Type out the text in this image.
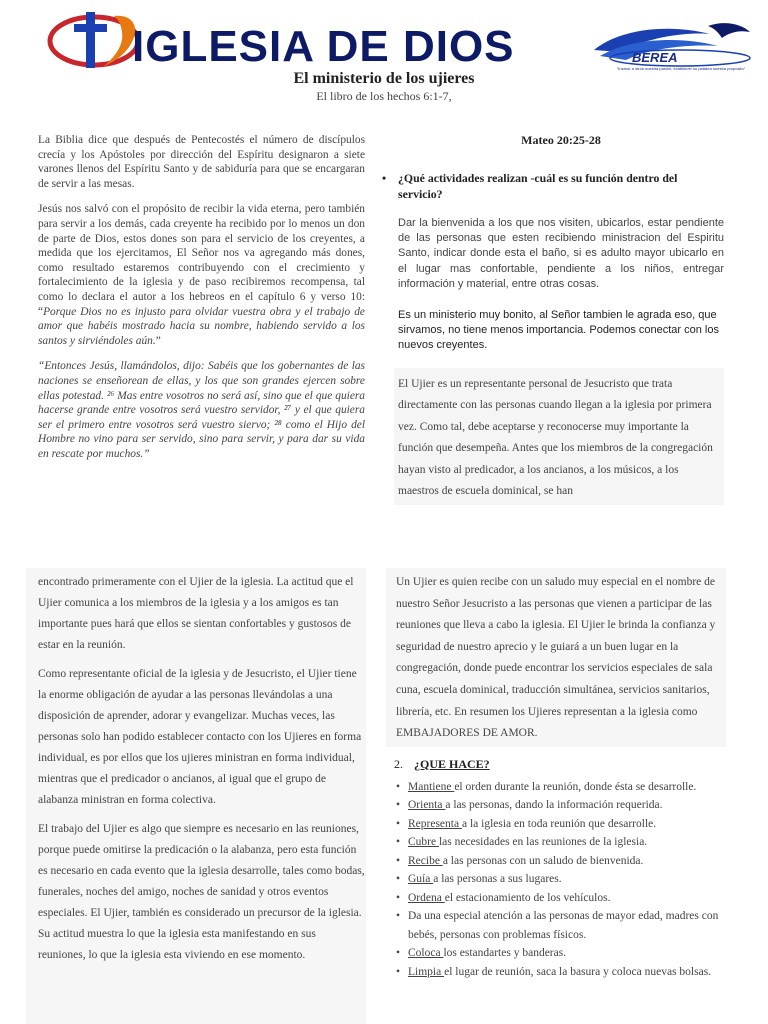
IGLESIA DE DIOS	BEREA
"Instruir a otros nuestra pasión, extablecer su palabra nuestra proposito"
El ministerio de los ujieres
El libro de los hechos 6:1-7,

La Biblia dice que después de Pentecostés el número de discípulos crecía y los Apóstoles por dirección del Espíritu designaron a siete varones llenos del Espíritu Santo y de sabiduría para que se encargaran de servir a las mesas.

Jesús nos salvó con el propósito de recibir la vida eterna, pero también para servir a los demás, cada creyente ha recibido por lo menos un don de parte de Dios, estos dones son para el servicio de los creyentes, a medida que los ejercitamos, El Señor nos va agregando más dones, como resultado estaremos contribuyendo con el crecimiento y fortalecimiento de la iglesia y de paso recibiremos recompensa, tal como lo declara el autor a los hebreos en el capítulo 6 y verso 10: “Porque Dios no es injusto para olvidar vuestra obra y el trabajo de amor que habéis mostrado hacia su nombre, habiendo servido a los santos y sirviéndoles aún.”

“Entonces Jesús, llamándolos, dijo: Sabéis que los gobernantes de las naciones se enseñorean de ellas, y los que son grandes ejercen sobre ellas potestad. ²⁶ Mas entre vosotros no será así, sino que el que quiera hacerse grande entre vosotros será vuestro servidor, ²⁷ y el que quiera ser el primero entre vosotros será vuestro siervo; ²⁸ como el Hijo del Hombre no vino para ser servido, sino para servir, y para dar su vida en rescate por muchos.”

Mateo 20:25-28
• ¿Qué actividades realizan -cuál es su función dentro del servicio?
Dar la bienvenida a los que nos visiten, ubicarlos, estar pendiente de las personas que esten recibiendo ministracion del Espiritu Santo, indicar donde esta el baño, si es adulto mayor ubicarlo en el lugar mas confortable, pendiente a los niños, entregar información y material, entre otras cosas.
Es un ministerio muy bonito, al Señor tambien le agrada eso, que sirvamos, no tiene menos importancia. Podemos conectar con los nuevos creyentes.
El Ujier es un representante personal de Jesucristo que trata directamente con las personas cuando llegan a la iglesia por primera vez. Como tal, debe aceptarse y reconocerse muy importante la función que desempeña. Antes que los miembros de la congregación hayan visto al predicador, a los ancianos, a los músicos, a los maestros de escuela dominical, se han

encontrado primeramente con el Ujier de la iglesia. La actitud que el Ujier comunica a los miembros de la iglesia y a los amigos es tan importante pues hará que ellos se sientan confortables y gustosos de estar en la reunión.

Como representante oficial de la iglesia y de Jesucristo, el Ujier tiene la enorme obligación de ayudar a las personas llevándolas a una disposición de aprender, adorar y evangelizar. Muchas veces, las personas solo han podido establecer contacto con los Ujieres en forma individual, es por ellos que los ujieres ministran en forma individual, mientras que el predicador o ancianos, al igual que el grupo de alabanza ministran en forma colectiva.

El trabajo del Ujier es algo que siempre es necesario en las reuniones, porque puede omitirse la predicación o la alabanza, pero esta función es necesario en cada evento que la iglesia desarrolle, tales como bodas, funerales, noches del amigo, noches de sanidad y otros eventos especiales. El Ujier, también es considerado un precursor de la iglesia. Su actitud muestra lo que la iglesia esta manifestando en sus reuniones, lo que la iglesia esta viviendo en ese momento.

Un Ujier es quien recibe con un saludo muy especial en el nombre de nuestro Señor Jesucristo a las personas que vienen a participar de las reuniones que lleva a cabo la iglesia. El Ujier le brinda la confianza y seguridad de nuestro aprecio y le guiará a un buen lugar en la congregación, donde puede encontrar los servicios especiales de sala cuna, escuela dominical, traducción simultánea, servicios sanitarios, librería, etc. En resumen los Ujieres representan a la iglesia como EMBAJADORES DE AMOR.
2. ¿QUE HACE?
• Mantiene el orden durante la reunión, donde ésta se desarrolle.
• Orienta a las personas, dando la información requerida.
• Representa a la iglesia en toda reunión que desarrolle.
• Cubre las necesidades en las reuniones de la iglesia.
• Recibe a las personas con un saludo de bienvenida.
• Guía a las personas a sus lugares.
• Ordena el estacionamiento de los vehículos.
• Da una especial atención a las personas de mayor edad, madres con bebés, personas con problemas físicos.
• Coloca los estandartes y banderas.
• Limpia el lugar de reunión, saca la basura y coloca nuevas bolsas.
